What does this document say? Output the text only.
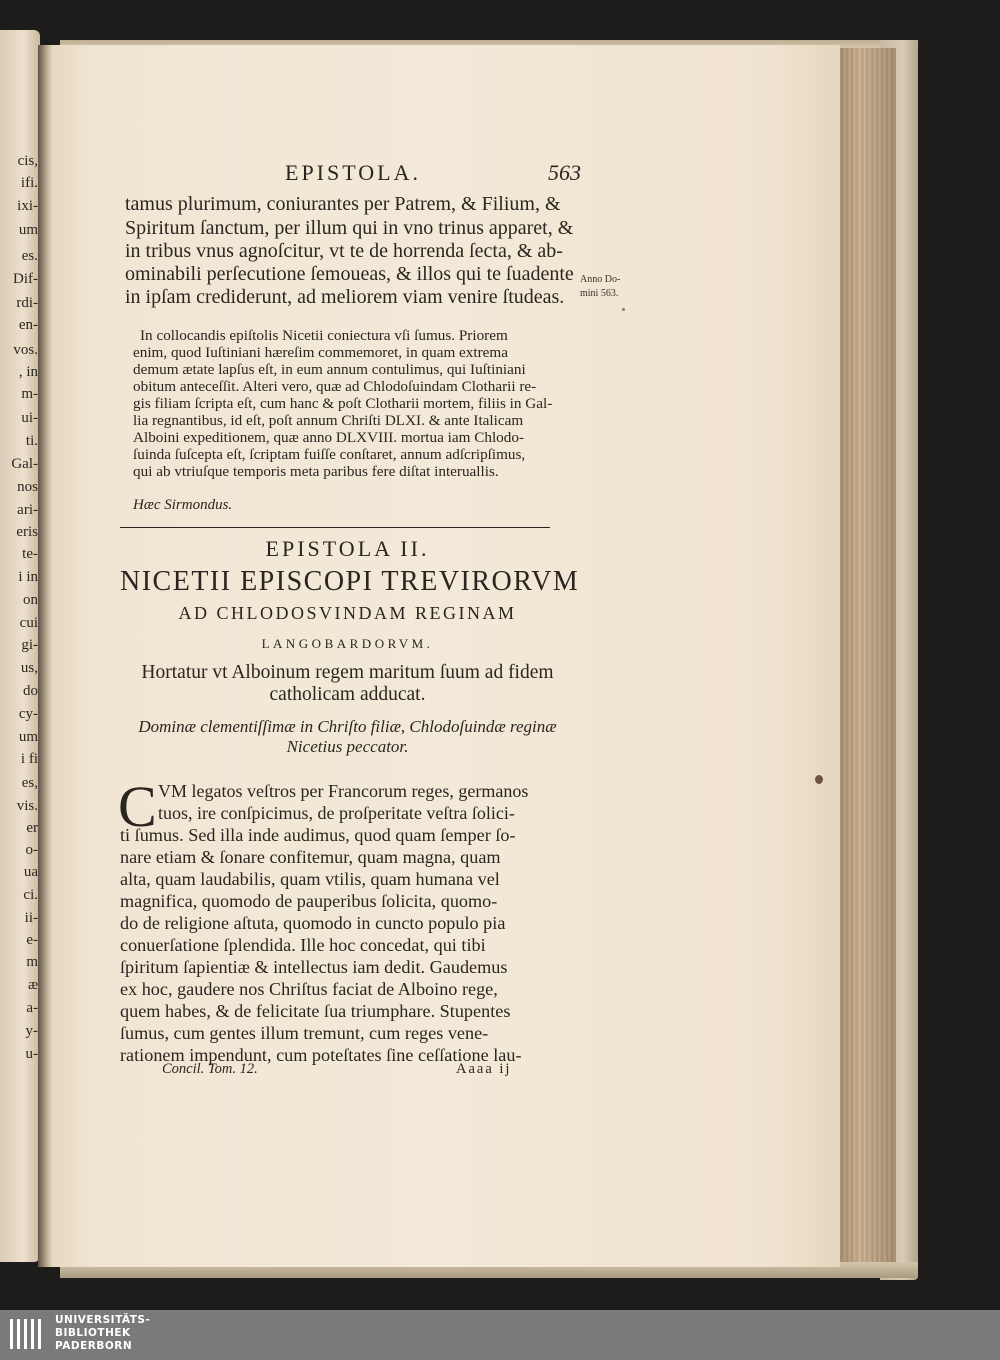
cis,
ifi.
ixi-
um
es.
Dif-
rdi-
en-
vos.
, in
m-
ui-
ti.
Gal-
nos
ari-
eris
te-
i in
on
cui
gi-
us,
do
cy-
um
i fi
es,
vis.
er
o-
ua
ci.
ii-
e-
m
æ
a-
y-
u-
EPISTOLA.	563
tamus plurimum, coniurantes per Patrem, & Filium, &
Spiritum ſanctum, per illum qui in vno trinus apparet, &
in tribus vnus agnoſcitur, vt te de horrenda ſecta, & ab-
ominabili perſecutione ſemoueas, & illos qui te ſuadente
in ipſam crediderunt, ad meliorem viam venire ſtudeas.
Anno Do-
mini 563.
In collocandis epiſtolis Nicetii coniectura vſi ſumus. Priorem
enim, quod Iuſtiniani hæreſim commemoret, in quam extrema
demum ætate lapſus eſt, in eum annum contulimus, qui Iuſtiniani
obitum anteceſſit. Alteri vero, quæ ad Chlodoſuindam Clotharii re-
gis filiam ſcripta eſt, cum hanc & poſt Clotharii mortem, filiis in Gal-
lia regnantibus, id eſt, poſt annum Chriſti DLXI. & ante Italicam
Alboini expeditionem, quæ anno DLXVIII. mortua iam Chlodo-
ſuinda ſuſcepta eſt, ſcriptam fuiſſe conſtaret, annum adſcripſimus,
qui ab vtriuſque temporis meta paribus fere diſtat interuallis.
Hæc Sirmondus.
EPISTOLA II.
NICETII EPISCOPI TREVIRORVM
AD CHLODOSVINDAM REGINAM
LANGOBARDORVM.
Hortatur vt Alboinum regem maritum ſuum ad fidem
catholicam adducat.
Dominæ clementiſſimæ in Chriſto filiæ, Chlodoſuindæ reginæ
Nicetius peccator.
C VM legatos veſtros per Francorum reges, germanos
tuos, ire conſpicimus, de proſperitate veſtra ſolici-
ti ſumus. Sed illa inde audimus, quod quam ſemper ſo-
nare etiam & ſonare confitemur, quam magna, quam
alta, quam laudabilis, quam vtilis, quam humana vel
magnifica, quomodo de pauperibus ſolicita, quomo-
do de religione aſtuta, quomodo in cuncto populo pia
conuerſatione ſplendida. Ille hoc concedat, qui tibi
ſpiritum ſapientiæ & intellectus iam dedit. Gaudemus
ex hoc, gaudere nos Chriſtus faciat de Alboino rege,
quem habes, & de felicitate ſua triumphare. Stupentes
ſumus, cum gentes illum tremunt, cum reges vene-
rationem impendunt, cum poteſtates ſine ceſſatione lau-
Concil. Tom. 12.	Aaaa ij
UNIVERSITÄTS-
BIBLIOTHEK
PADERBORN
